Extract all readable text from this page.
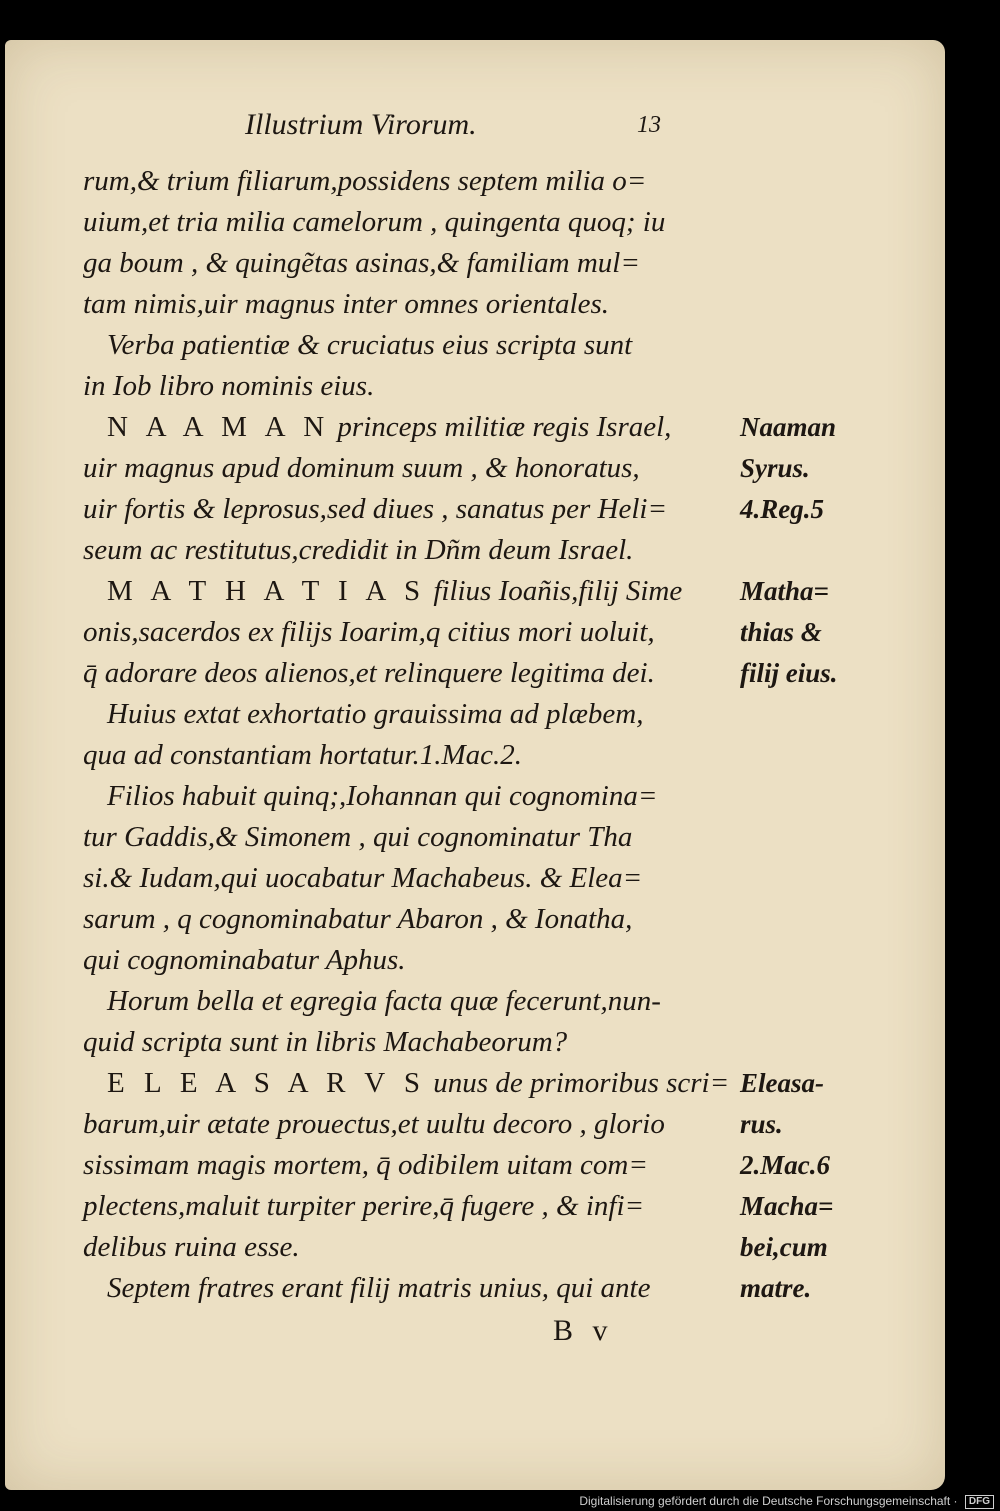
Illustrium Virorum.	13
rum,& trium filiarum,possidens septem milia o=
uium,et tria milia camelorum , quingenta quoq; iu
ga boum , & quingẽtas asinas,& familiam mul=
tam nimis,uir magnus inter omnes orientales.
Verba patientiæ & cruciatus eius scripta sunt
in Iob libro nominis eius.
N A A M A N princeps militiæ regis Israel,
uir magnus apud dominum suum , & honoratus,
uir fortis & leprosus,sed diues , sanatus per Heli=
seum ac restitutus,credidit in Dñm deum Israel.
M A T H A T I A S filius Ioañis,filij Sime
onis,sacerdos ex filijs Ioarim,q citius mori uoluit,
q̄ adorare deos alienos,et relinquere legitima dei.
Huius extat exhortatio grauissima ad plæbem,
qua ad constantiam hortatur.1.Mac.2.
Filios habuit quinq;,Iohannan qui cognomina=
tur Gaddis,& Simonem , qui cognominatur Tha
si.& Iudam,qui uocabatur Machabeus. & Elea=
sarum , q cognominabatur Abaron , & Ionatha,
qui cognominabatur Aphus.
Horum bella et egregia facta quæ fecerunt,nun-
quid scripta sunt in libris Machabeorum?
E L E A S A R V S unus de primoribus scri=
barum,uir ætate prouectus,et uultu decoro , glorio
sissimam magis mortem, q̄ odibilem uitam com=
plectens,maluit turpiter perire,q̄ fugere , & infi=
delibus ruina esse.
Septem fratres erant filij matris unius, qui ante
Naaman
Syrus.
4.Reg.5
Matha=
thias &
filij eius.
Eleasa-
rus.
2.Mac.6
Macha=
bei,cum
matre.
B v
Digitalisierung gefördert durch die Deutsche Forschungsgemeinschaft · DFG
